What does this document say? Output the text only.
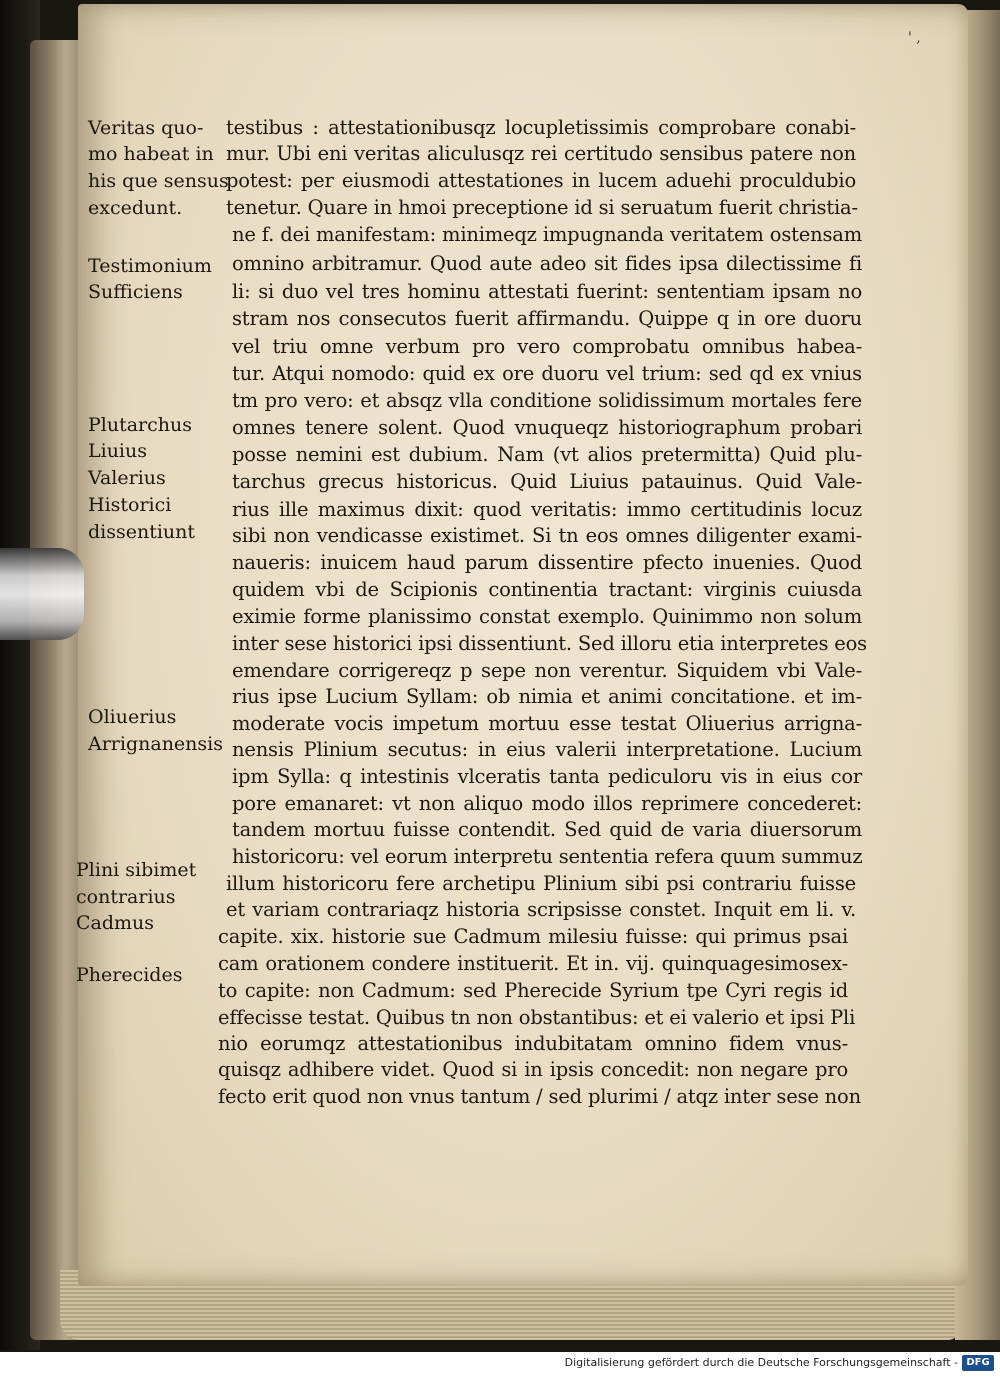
' ,
testibus : attestationibusqz locupletissimis comprobare conabi-
mur. Ubi eni veritas aliculusqz rei certitudo sensibus patere non
potest: per eiusmodi attestationes in lucem aduehi proculdubio
tenetur. Quare in hmoi preceptione id si seruatum fuerit christia-
ne f. dei manifestam: minimeqz impugnanda veritatem ostensam
omnino arbitramur. Quod aute adeo sit fides ipsa dilectissime fi
li: si duo vel tres hominu attestati fuerint: sententiam ipsam no
stram nos consecutos fuerit affirmandu. Quippe q in ore duoru
vel triu omne verbum pro vero comprobatu omnibus habea-
tur. Atqui nomodo: quid ex ore duoru vel trium: sed qd ex vnius
tm pro vero: et absqz vlla conditione solidissimum mortales fere
omnes tenere solent. Quod vnuqueqz historiographum probari
posse nemini est dubium. Nam (vt alios pretermitta) Quid plu-
tarchus grecus historicus. Quid Liuius patauinus. Quid Vale-
rius ille maximus dixit: quod veritatis: immo certitudinis locuz
sibi non vendicasse existimet. Si tn eos omnes diligenter exami-
naueris: inuicem haud parum dissentire pfecto inuenies. Quod
quidem vbi de Scipionis continentia tractant: virginis cuiusda
eximie forme planissimo constat exemplo. Quinimmo non solum
inter sese historici ipsi dissentiunt. Sed illoru etia interpretes eos
emendare corrigereqz p sepe non verentur. Siquidem vbi Vale-
rius ipse Lucium Syllam: ob nimia et animi concitatione. et im-
moderate vocis impetum mortuu esse testat Oliuerius arrigna-
nensis Plinium secutus: in eius valerii interpretatione. Lucium
ipm Sylla: q intestinis vlceratis tanta pediculoru vis in eius cor
pore emanaret: vt non aliquo modo illos reprimere concederet:
tandem mortuu fuisse contendit. Sed quid de varia diuersorum
historicoru: vel eorum interpretu sententia refera quum summuz
illum historicoru fere archetipu Plinium sibi psi contrariu fuisse
et variam contrariaqz historia scripsisse constet. Inquit em li. v.
capite. xix. historie sue Cadmum milesiu fuisse: qui primus psai
cam orationem condere instituerit. Et in. vij. quinquagesimosex-
to capite: non Cadmum: sed Pherecide Syrium tpe Cyri regis id
effecisse testat. Quibus tn non obstantibus: et ei valerio et ipsi Pli
nio eorumqz attestationibus indubitatam omnino fidem vnus-
quisqz adhibere videt. Quod si in ipsis concedit: non negare pro
fecto erit quod non vnus tantum / sed plurimi / atqz inter sese non
Veritas quo-
mo habeat in
his que sensus
excedunt.
Testimonium
Sufficiens
Plutarchus
Liuius
Valerius
Historici
dissentiunt
Oliuerius
Arrignanensis
Plini sibimet
contrarius
Cadmus
Pherecides
Digitalisierung gefördert durch die Deutsche Forschungsgemeinschaft - DFG
